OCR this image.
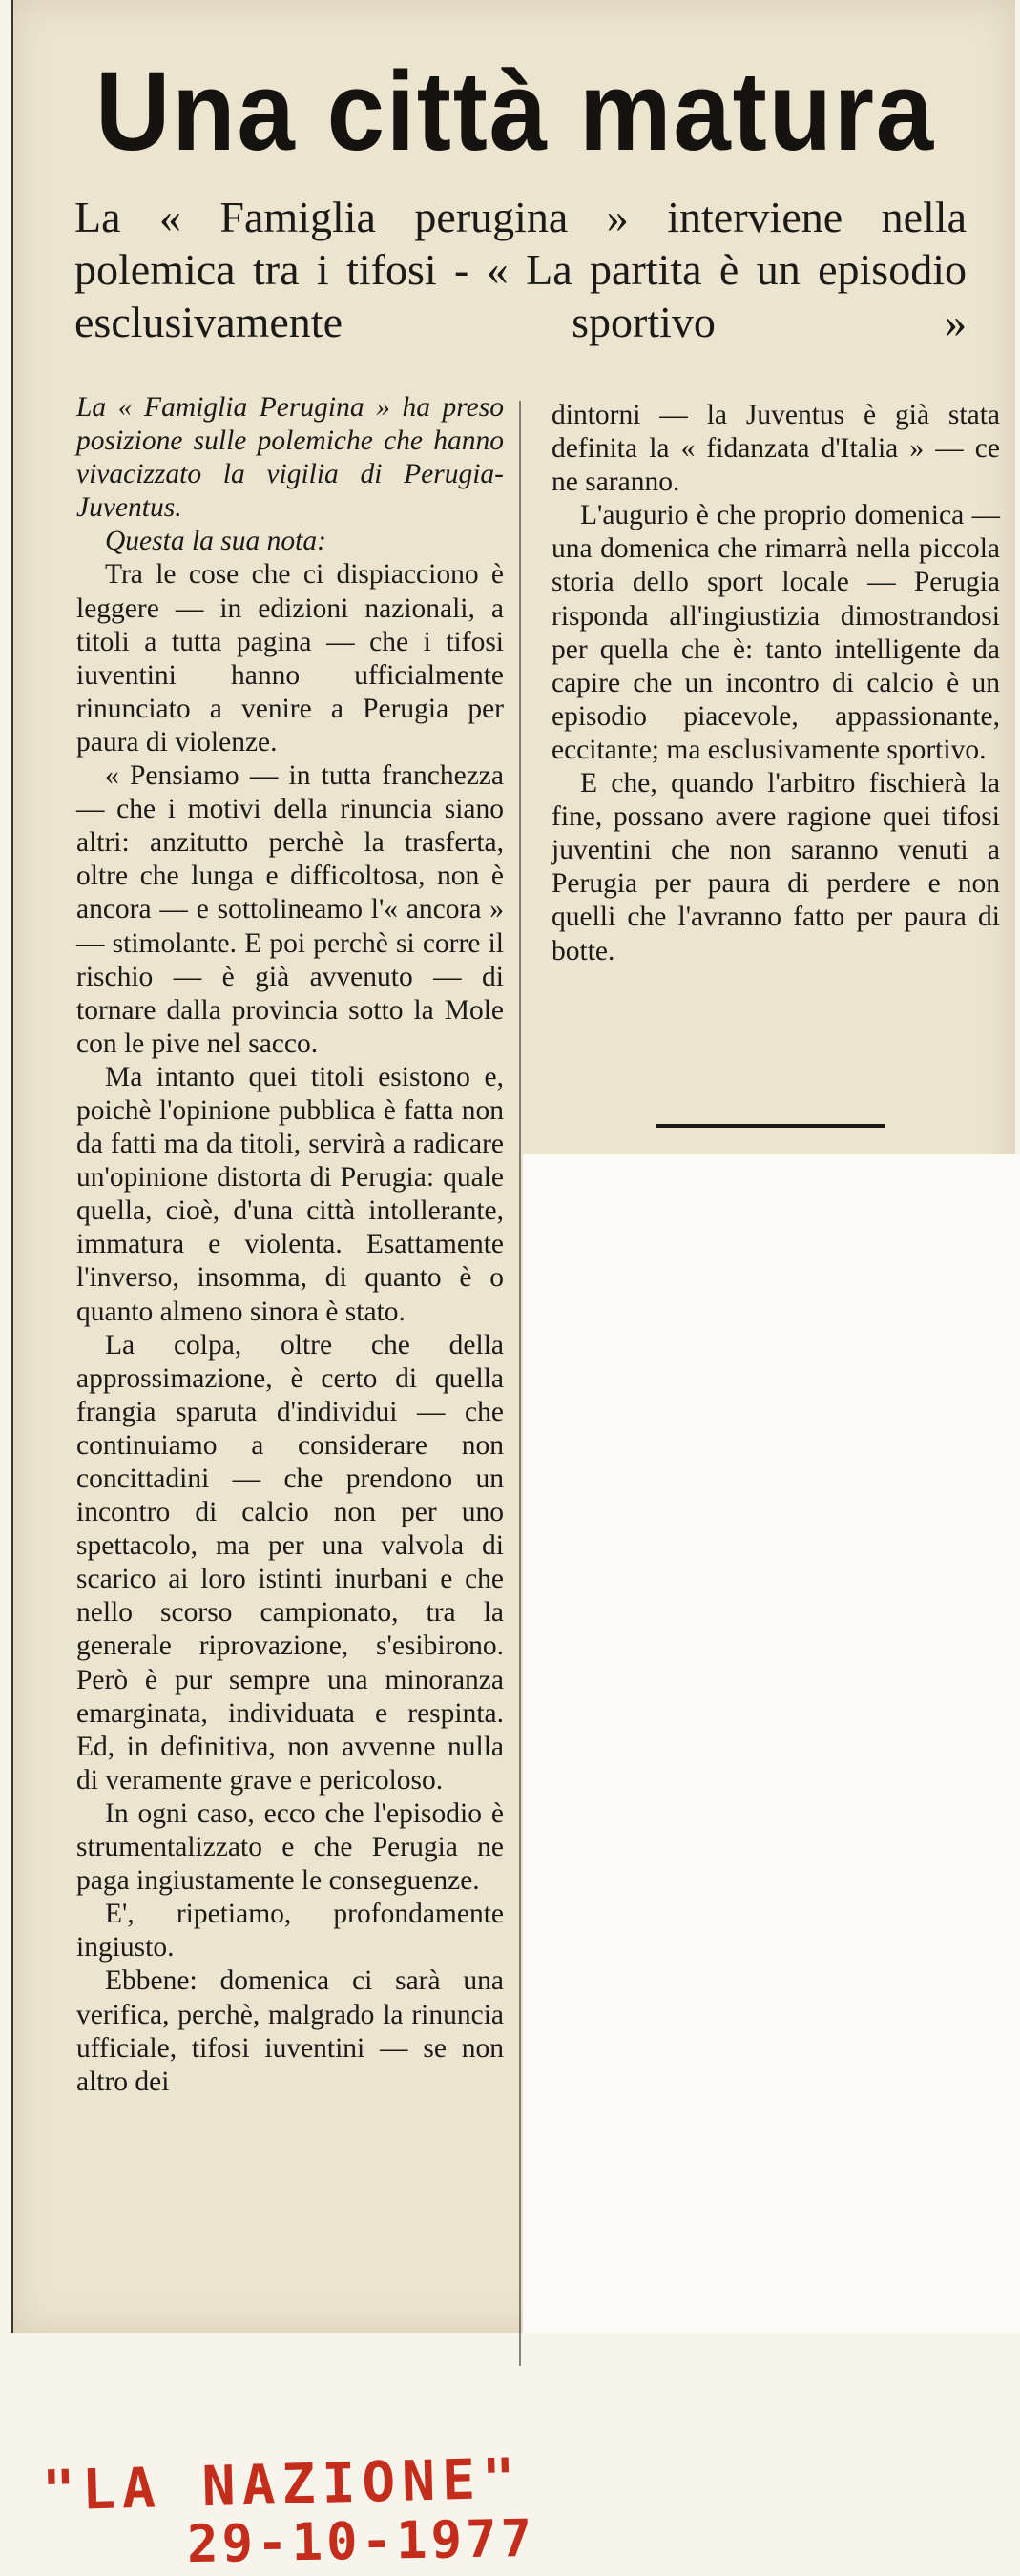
Una città matura

La « Famiglia perugina » interviene nella polemica tra i tifosi - « La partita è un episodio esclusivamente sportivo »

La « Famiglia Perugina » ha preso posizione sulle polemiche che hanno vivacizzato la vigilia di Perugia-Juventus.

Questa la sua nota:

Tra le cose che ci dispiacciono è leggere — in edizioni nazionali, a titoli a tutta pagina — che i tifosi iuventini hanno ufficialmente rinunciato a venire a Perugia per paura di violenze.

« Pensiamo — in tutta franchezza — che i motivi della rinuncia siano altri: anzitutto perchè la trasferta, oltre che lunga e difficoltosa, non è ancora — e sottolineamo l'« ancora » — stimolante. E poi perchè si corre il rischio — è già avvenuto — di tornare dalla provincia sotto la Mole con le pive nel sacco.

Ma intanto quei titoli esistono e, poichè l'opinione pubblica è fatta non da fatti ma da titoli, servirà a radicare un'opinione distorta di Perugia: quale quella, cioè, d'una città intollerante, immatura e violenta. Esattamente l'inverso, insomma, di quanto è o quanto almeno sinora è stato.

La colpa, oltre che della approssimazione, è certo di quella frangia sparuta d'individui — che continuiamo a considerare non concittadini — che prendono un incontro di calcio non per uno spettacolo, ma per una valvola di scarico ai loro istinti inurbani e che nello scorso campionato, tra la generale riprovazione, s'esibirono. Però è pur sempre una minoranza emarginata, individuata e respinta. Ed, in definitiva, non avvenne nulla di veramente grave e pericoloso.

In ogni caso, ecco che l'episodio è strumentalizzato e che Perugia ne paga ingiustamente le conseguenze.

E', ripetiamo, profondamente ingiusto.

Ebbene: domenica ci sarà una verifica, perchè, malgrado la rinuncia ufficiale, tifosi iuventini — se non altro dei

dintorni — la Juventus è già stata definita la « fidanzata d'Italia » — ce ne saranno.

L'augurio è che proprio domenica — una domenica che rimarrà nella piccola storia dello sport locale — Perugia risponda all'ingiustizia dimostrandosi per quella che è: tanto intelligente da capire che un incontro di calcio è un episodio piacevole, appassionante, eccitante; ma esclusivamente sportivo.

E che, quando l'arbitro fischierà la fine, possano avere ragione quei tifosi juventini che non saranno venuti a Perugia per paura di perdere e non quelli che l'avranno fatto per paura di botte.

"LA NAZIONE"

29-10-1977
